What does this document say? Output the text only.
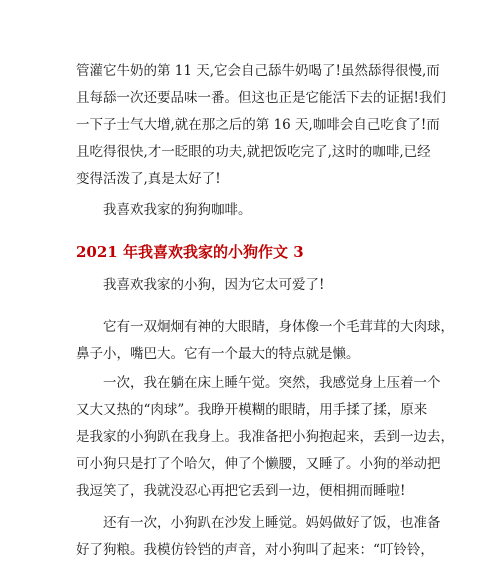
管灌它牛奶的第 11 天,它会自己舔牛奶喝了!虽然舔得很慢,而
且每舔一次还要品味一番。但这也正是它能活下去的证据!我们
一下子士气大增,就在那之后的第 16 天,咖啡会自己吃食了!而
且吃得很快,才一眨眼的功夫,就把饭吃完了,这时的咖啡,已经
变得活泼了,真是太好了!
　　我喜欢我家的狗狗咖啡。
2021 年我喜欢我家的小狗作文 3
　　我喜欢我家的小狗，因为它太可爱了!
　　它有一双炯炯有神的大眼睛，身体像一个毛茸茸的大肉球，
鼻子小，嘴巴大。它有一个最大的特点就是懒。
　　一次，我在躺在床上睡午觉。突然，我感觉身上压着一个
又大又热的“肉球”。我睁开模糊的眼睛，用手揉了揉，原来
是我家的小狗趴在我身上。我准备把小狗抱起来，丢到一边去，
可小狗只是打了个哈欠，伸了个懒腰，又睡了。小狗的举动把
我逗笑了，我就没忍心再把它丢到一边，便相拥而睡啦!
　　还有一次，小狗趴在沙发上睡觉。妈妈做好了饭，也准备
好了狗粮。我模仿铃铛的声音，对小狗叫了起来：“叮铃铃，
